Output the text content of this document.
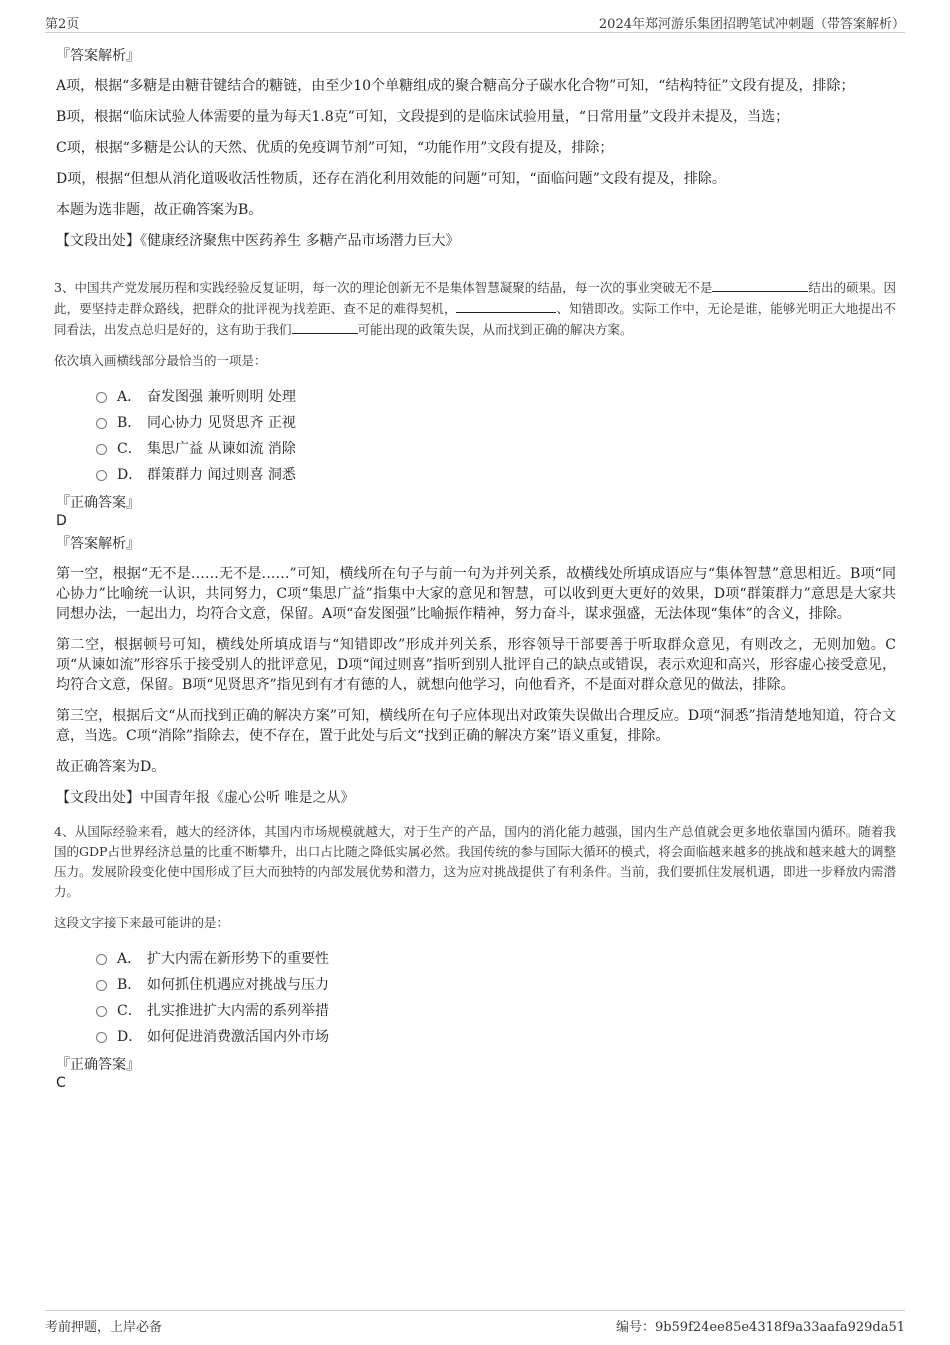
第2页	2024年郑河游乐集团招聘笔试冲刺题（带答案解析）
『答案解析』

A项，根据“多糖是由糖苷键结合的糖链，由至少10个单糖组成的聚合糖高分子碳水化合物”可知，“结构特征”文段有提及，排除；

B项，根据“临床试验人体需要的量为每天1.8克”可知，文段提到的是临床试验用量，“日常用量”文段并未提及，当选；

C项，根据“多糖是公认的天然、优质的免疫调节剂”可知，“功能作用”文段有提及，排除；

D项，根据“但想从消化道吸收活性物质，还存在消化利用效能的问题”可知，“面临问题”文段有提及，排除。

本题为选非题，故正确答案为B。

【文段出处】《健康经济聚焦中医药养生 多糖产品市场潜力巨大》

3、中国共产党发展历程和实践经验反复证明，每一次的理论创新无不是集体智慧凝聚的结晶，每一次的事业突破无不是	结出的硕果。因此，要坚持走群众路线，把群众的批评视为找差距、查不足的难得契机，	、知错即改。实际工作中，无论是谁，能够光明正大地提出不同看法，出发点总归是好的，这有助于我们	可能出现的政策失误，从而找到正确的解决方案。

依次填入画横线部分最恰当的一项是：
A． 奋发图强 兼听则明 处理
B． 同心协力 见贤思齐 正视
C． 集思广益 从谏如流 消除
D． 群策群力 闻过则喜 洞悉
『正确答案』
D
『答案解析』

第一空，根据“无不是……无不是……”可知，横线所在句子与前一句为并列关系，故横线处所填成语应与“集体智慧”意思相近。B项“同心协力”比喻统一认识，共同努力，C项“集思广益”指集中大家的意见和智慧，可以收到更大更好的效果，D项“群策群力”意思是大家共同想办法，一起出力，均符合文意，保留。A项“奋发图强”比喻振作精神，努力奋斗，谋求强盛，无法体现“集体”的含义，排除。

第二空，根据顿号可知，横线处所填成语与“知错即改”形成并列关系，形容领导干部要善于听取群众意见，有则改之，无则加勉。C项“从谏如流”形容乐于接受别人的批评意见，D项“闻过则喜”指听到别人批评自己的缺点或错误，表示欢迎和高兴，形容虚心接受意见，均符合文意，保留。B项“见贤思齐”指见到有才有德的人，就想向他学习，向他看齐，不是面对群众意见的做法，排除。

第三空，根据后文“从而找到正确的解决方案”可知，横线所在句子应体现出对政策失误做出合理反应。D项“洞悉”指清楚地知道，符合文意，当选。C项“消除”指除去，使不存在，置于此处与后文“找到正确的解决方案”语义重复，排除。

故正确答案为D。

【文段出处】中国青年报《虚心公听 唯是之从》

4、从国际经验来看，越大的经济体，其国内市场规模就越大，对于生产的产品，国内的消化能力越强，国内生产总值就会更多地依靠国内循环。随着我国的GDP占世界经济总量的比重不断攀升，出口占比随之降低实属必然。我国传统的参与国际大循环的模式，将会面临越来越多的挑战和越来越大的调整压力。发展阶段变化使中国形成了巨大而独特的内部发展优势和潜力，这为应对挑战提供了有利条件。当前，我们要抓住发展机遇，即进一步释放内需潜力。

这段文字接下来最可能讲的是：
A． 扩大内需在新形势下的重要性
B． 如何抓住机遇应对挑战与压力
C． 扎实推进扩大内需的系列举措
D． 如何促进消费激活国内外市场
『正确答案』
C
考前押题，上岸必备	编号：9b59f24ee85e4318f9a33aafa929da51
